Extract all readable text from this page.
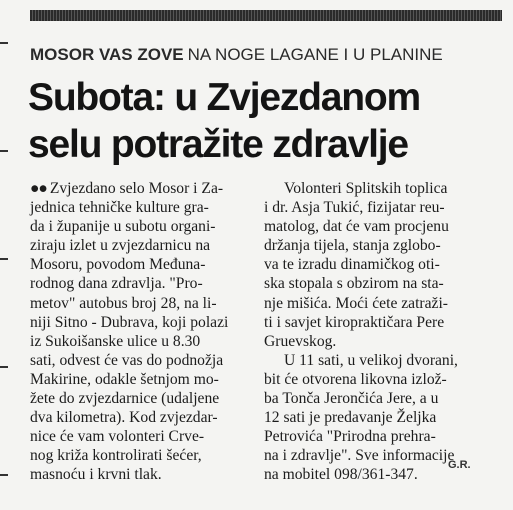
MOSOR VAS ZOVE NA NOGE LAGANE I U PLANINE
Subota: u Zvjezdanom
selu potražite zdravlje
●● Zvjezdano selo Mosor i Za-
jednica tehničke kulture gra-
da i županije u subotu organi-
ziraju izlet u zvjezdarnicu na
Mosoru, povodom Međuna-
rodnog dana zdravlja. "Pro-
metov" autobus broj 28, na li-
niji Sitno - Dubrava, koji polazi
iz Sukoišanske ulice u 8.30
sati, odvest će vas do podnožja
Makirine, odakle šetnjom mo-
žete do zvjezdarnice (udaljene
dva kilometra). Kod zvjezdar-
nice će vam volonteri Crve-
nog križa kontrolirati šećer,
masnoću i krvni tlak.
Volonteri Splitskih toplica
i dr. Asja Tukić, fizijatar reu-
matolog, dat će vam procjenu
držanja tijela, stanja zglobo-
va te izradu dinamičkog oti-
ska stopala s obzirom na sta-
nje mišića. Moći ćete zatraži-
ti i savjet kiropraktičara Pere
Gruevskog.
U 11 sati, u velikoj dvorani,
bit će otvorena likovna izlož-
ba Tonča Jerončića Jere, a u
12 sati je predavanje Željka
Petrovića "Prirodna prehra-
na i zdravlje". Sve informacije
na mobitel 098/361-347.
G.R.
